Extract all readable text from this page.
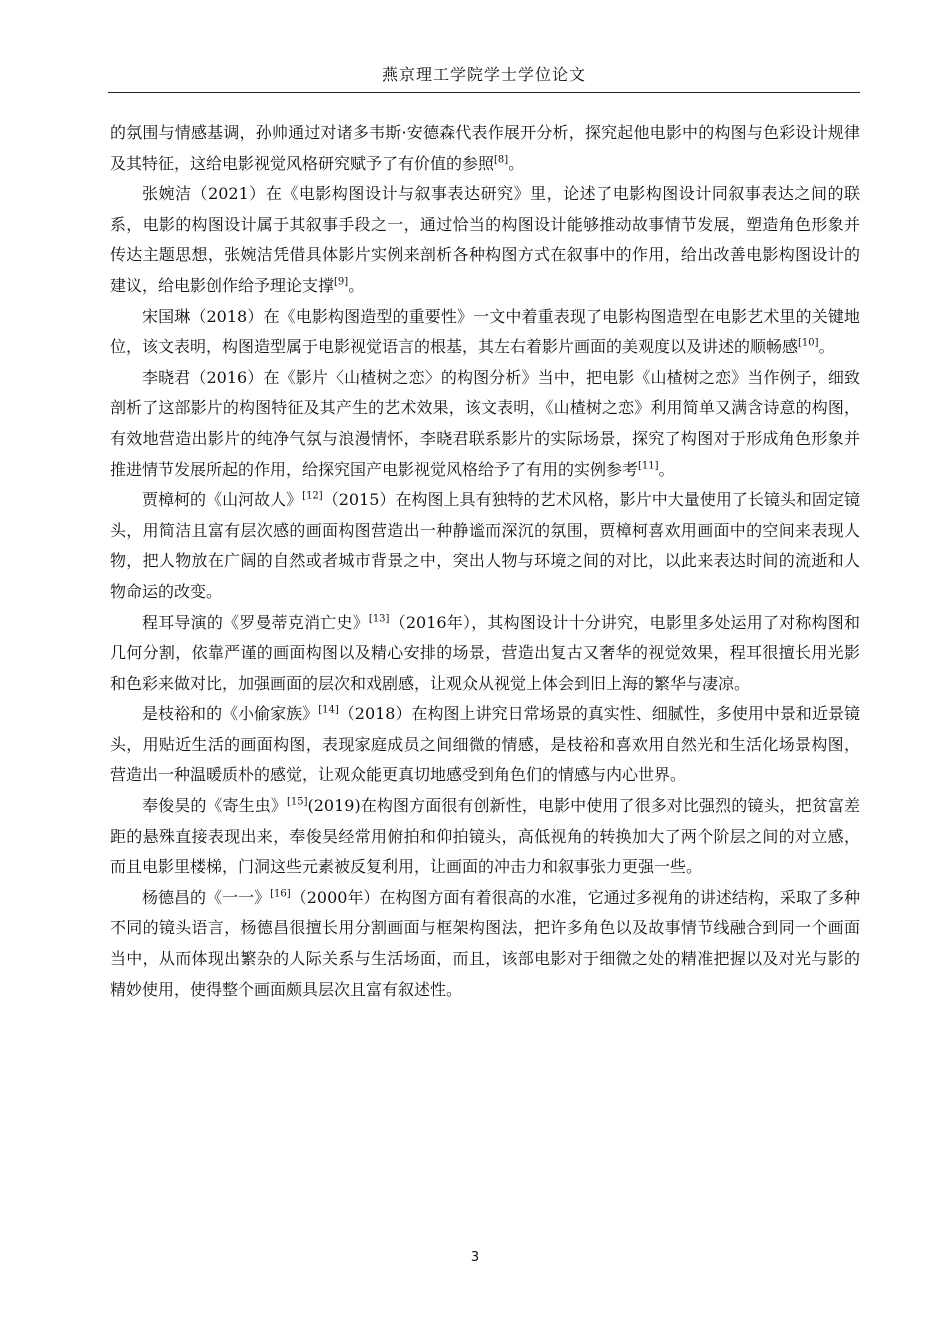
燕京理工学院学士学位论文

的氛围与情感基调，孙帅通过对诸多韦斯·安德森代表作展开分析，探究起他电影中的构图与色彩设计规律及其特征，这给电影视觉风格研究赋予了有价值的参照[8]。

张婉洁（2021）在《电影构图设计与叙事表达研究》里，论述了电影构图设计同叙事表达之间的联系，电影的构图设计属于其叙事手段之一，通过恰当的构图设计能够推动故事情节发展，塑造角色形象并传达主题思想，张婉洁凭借具体影片实例来剖析各种构图方式在叙事中的作用，给出改善电影构图设计的建议，给电影创作给予理论支撑[9]。

宋国琳（2018）在《电影构图造型的重要性》一文中着重表现了电影构图造型在电影艺术里的关键地位，该文表明，构图造型属于电影视觉语言的根基，其左右着影片画面的美观度以及讲述的顺畅感[10]。

李晓君（2016）在《影片〈山楂树之恋〉的构图分析》当中，把电影《山楂树之恋》当作例子，细致剖析了这部影片的构图特征及其产生的艺术效果，该文表明，《山楂树之恋》利用简单又满含诗意的构图，有效地营造出影片的纯净气氛与浪漫情怀，李晓君联系影片的实际场景，探究了构图对于形成角色形象并推进情节发展所起的作用，给探究国产电影视觉风格给予了有用的实例参考[11]。

贾樟柯的《山河故人》[12]（2015）在构图上具有独特的艺术风格，影片中大量使用了长镜头和固定镜头，用简洁且富有层次感的画面构图营造出一种静谧而深沉的氛围，贾樟柯喜欢用画面中的空间来表现人物，把人物放在广阔的自然或者城市背景之中，突出人物与环境之间的对比，以此来表达时间的流逝和人物命运的改变。

程耳导演的《罗曼蒂克消亡史》[13]（2016年），其构图设计十分讲究，电影里多处运用了对称构图和几何分割，依靠严谨的画面构图以及精心安排的场景，营造出复古又奢华的视觉效果，程耳很擅长用光影和色彩来做对比，加强画面的层次和戏剧感，让观众从视觉上体会到旧上海的繁华与凄凉。

是枝裕和的《小偷家族》[14]（2018）在构图上讲究日常场景的真实性、细腻性，多使用中景和近景镜头，用贴近生活的画面构图，表现家庭成员之间细微的情感，是枝裕和喜欢用自然光和生活化场景构图，营造出一种温暖质朴的感觉，让观众能更真切地感受到角色们的情感与内心世界。

奉俊昊的《寄生虫》[15](2019)在构图方面很有创新性，电影中使用了很多对比强烈的镜头，把贫富差距的悬殊直接表现出来，奉俊昊经常用俯拍和仰拍镜头，高低视角的转换加大了两个阶层之间的对立感，而且电影里楼梯，门洞这些元素被反复利用，让画面的冲击力和叙事张力更强一些。

杨德昌的《一一》[16]（2000年）在构图方面有着很高的水准，它通过多视角的讲述结构，采取了多种不同的镜头语言，杨德昌很擅长用分割画面与框架构图法，把许多角色以及故事情节线融合到同一个画面当中，从而体现出繁杂的人际关系与生活场面，而且，该部电影对于细微之处的精准把握以及对光与影的精妙使用，使得整个画面颇具层次且富有叙述性。

3
